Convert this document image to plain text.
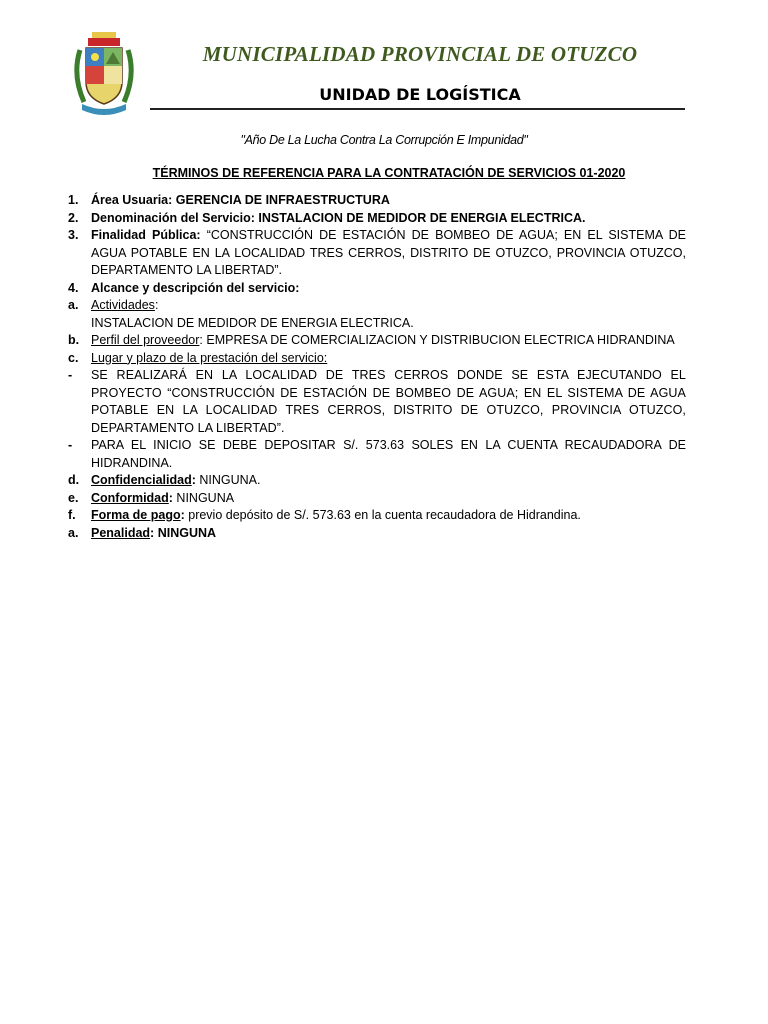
MUNICIPALIDAD PROVINCIAL DE OTUZCO
UNIDAD DE LOGÍSTICA
"Año De La Lucha Contra La Corrupción E Impunidad"
TÉRMINOS DE REFERENCIA PARA LA CONTRATACIÓN DE SERVICIOS 01-2020
1.	Área Usuaria: GERENCIA DE INFRAESTRUCTURA
2.	Denominación del Servicio: INSTALACION DE MEDIDOR DE ENERGIA ELECTRICA.
3.	Finalidad Pública: “CONSTRUCCIÓN DE ESTACIÓN DE BOMBEO DE AGUA; EN EL SISTEMA DE AGUA POTABLE EN LA LOCALIDAD TRES CERROS, DISTRITO DE OTUZCO, PROVINCIA OTUZCO, DEPARTAMENTO LA LIBERTAD”.
4.	Alcance y descripción del servicio:
a.	Actividades:
INSTALACION DE MEDIDOR DE ENERGIA ELECTRICA.
b. Perfil del proveedor: EMPRESA DE COMERCIALIZACION Y DISTRIBUCION ELECTRICA HIDRANDINA
c.	Lugar y plazo de la prestación del servicio:
-	SE REALIZARÁ EN LA LOCALIDAD DE TRES CERROS DONDE SE ESTA EJECUTANDO EL PROYECTO “CONSTRUCCIÓN DE ESTACIÓN DE BOMBEO DE AGUA; EN EL SISTEMA DE AGUA POTABLE EN LA LOCALIDAD TRES CERROS, DISTRITO DE OTUZCO, PROVINCIA OTUZCO, DEPARTAMENTO LA LIBERTAD”.
-	PARA EL INICIO SE DEBE DEPOSITAR S/. 573.63 SOLES EN LA CUENTA RECAUDADORA DE HIDRANDINA.
d. Confidencialidad: NINGUNA.
e.	Conformidad: NINGUNA
f.	Forma de pago: previo depósito de S/. 573.63 en la cuenta recaudadora de Hidrandina.
a.	Penalidad: NINGUNA
